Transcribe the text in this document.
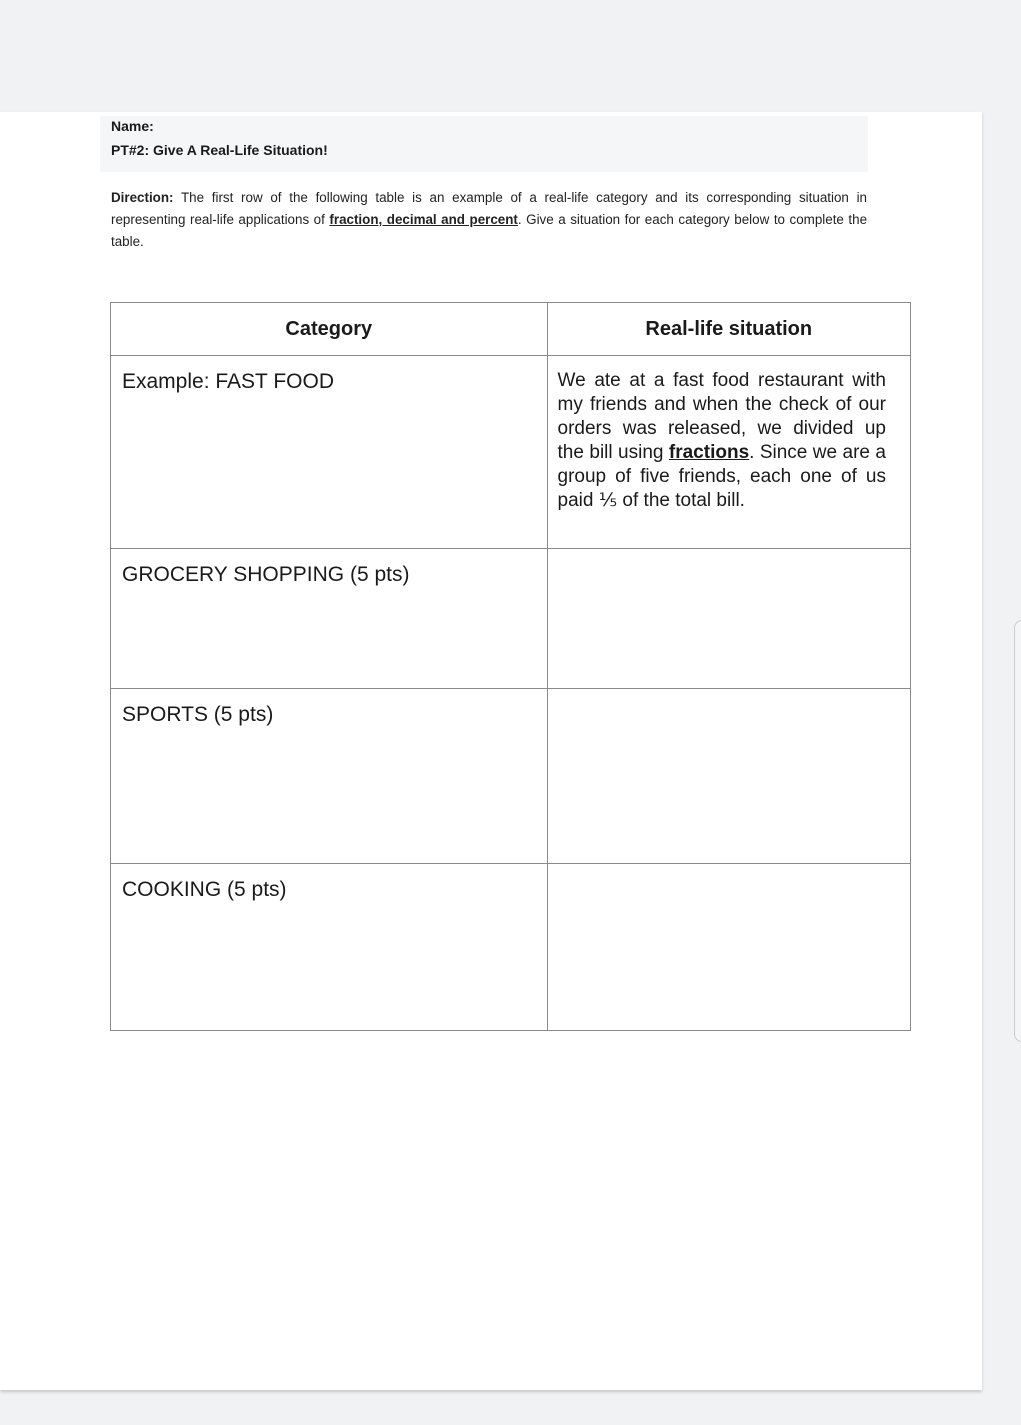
Name:
PT#2: Give A Real-Life Situation!
Direction: The first row of the following table is an example of a real-life category and its corresponding situation in representing real-life applications of fraction, decimal and percent. Give a situation for each category below to complete the table.
Category	Real-life situation

Example: FAST FOOD	We ate at a fast food restaurant with my friends and when the check of our orders was released, we divided up the bill using fractions. Since we are a group of five friends, each one of us paid ⅕ of the total bill.

GROCERY SHOPPING (5 pts)	

SPORTS (5 pts)	

COOKING (5 pts)	
